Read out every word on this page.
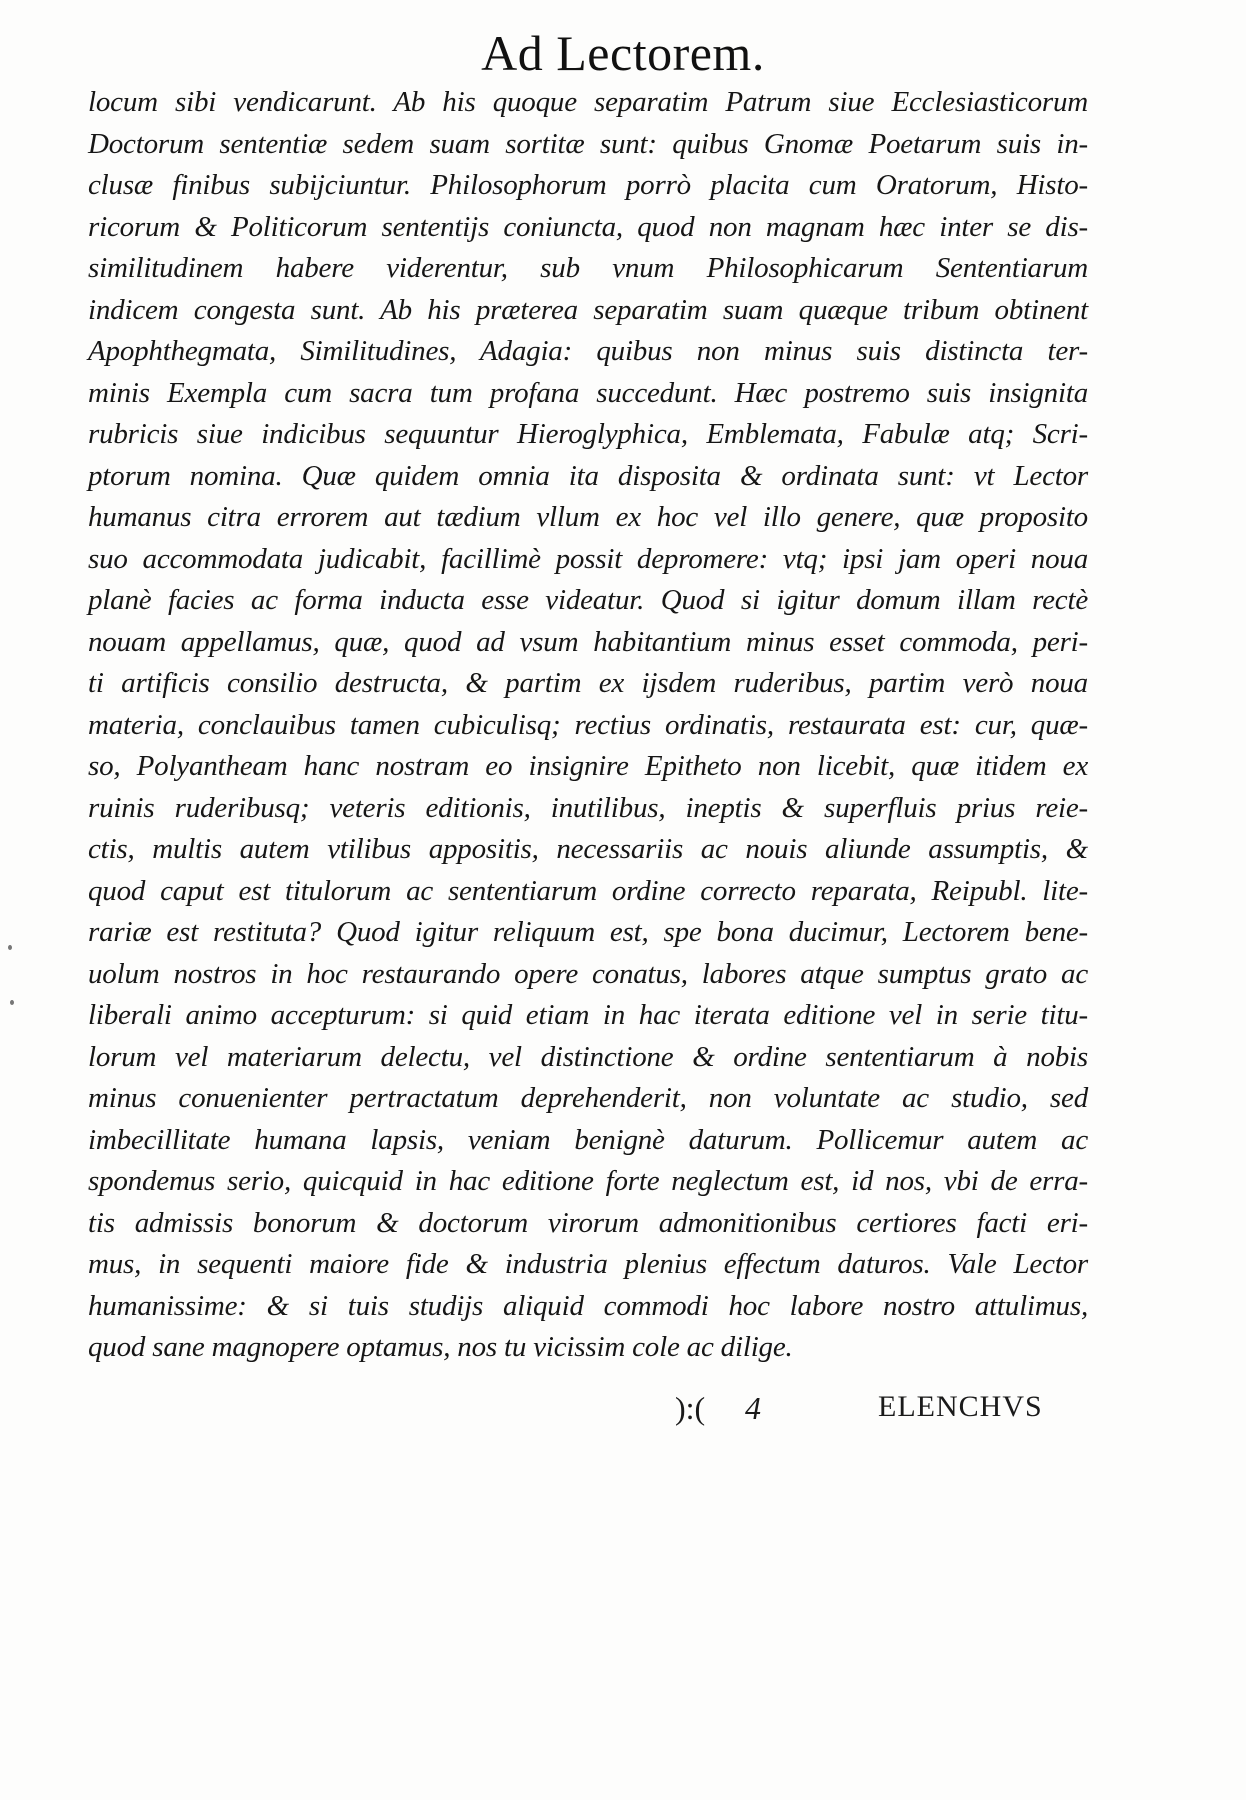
Ad Lectorem.
locum sibi vendicarunt. Ab his quoque separatim Patrum siue Ecclesiasticorum
Doctorum sententiæ sedem suam sortitæ sunt: quibus Gnomæ Poetarum suis in-
clusæ finibus subijciuntur. Philosophorum porrò placita cum Oratorum, Histo-
ricorum & Politicorum sententijs coniuncta, quod non magnam hæc inter se dis-
similitudinem habere viderentur, sub vnum Philosophicarum Sententiarum
indicem congesta sunt. Ab his præterea separatim suam quæque tribum obtinent
Apophthegmata, Similitudines, Adagia: quibus non minus suis distincta ter-
minis Exempla cum sacra tum profana succedunt. Hæc postremo suis insignita
rubricis siue indicibus sequuntur Hieroglyphica, Emblemata, Fabulæ atq; Scri-
ptorum nomina. Quæ quidem omnia ita disposita & ordinata sunt: vt Lector
humanus citra errorem aut tædium vllum ex hoc vel illo genere, quæ proposito
suo accommodata judicabit, facillimè possit depromere: vtq; ipsi jam operi noua
planè facies ac forma inducta esse videatur. Quod si igitur domum illam rectè
nouam appellamus, quæ, quod ad vsum habitantium minus esset commoda, peri-
ti artificis consilio destructa, & partim ex ijsdem ruderibus, partim verò noua
materia, conclauibus tamen cubiculisq; rectius ordinatis, restaurata est: cur, quæ-
so, Polyantheam hanc nostram eo insignire Epitheto non licebit, quæ itidem ex
ruinis ruderibusq; veteris editionis, inutilibus, ineptis & superfluis prius reie-
ctis, multis autem vtilibus appositis, necessariis ac nouis aliunde assumptis, &
quod caput est titulorum ac sententiarum ordine correcto reparata, Reipubl. lite-
rariæ est restituta? Quod igitur reliquum est, spe bona ducimur, Lectorem bene-
uolum nostros in hoc restaurando opere conatus, labores atque sumptus grato ac
liberali animo accepturum: si quid etiam in hac iterata editione vel in serie titu-
lorum vel materiarum delectu, vel distinctione & ordine sententiarum à nobis
minus conuenienter pertractatum deprehenderit, non voluntate ac studio, sed
imbecillitate humana lapsis, veniam benignè daturum. Pollicemur autem ac
spondemus serio, quicquid in hac editione forte neglectum est, id nos, vbi de erra-
tis admissis bonorum & doctorum virorum admonitionibus certiores facti eri-
mus, in sequenti maiore fide & industria plenius effectum daturos. Vale Lector
humanissime: & si tuis studijs aliquid commodi hoc labore nostro attulimus,
quod sane magnopere optamus, nos tu vicissim cole ac dilige.
):( 4	ELENCHVS
